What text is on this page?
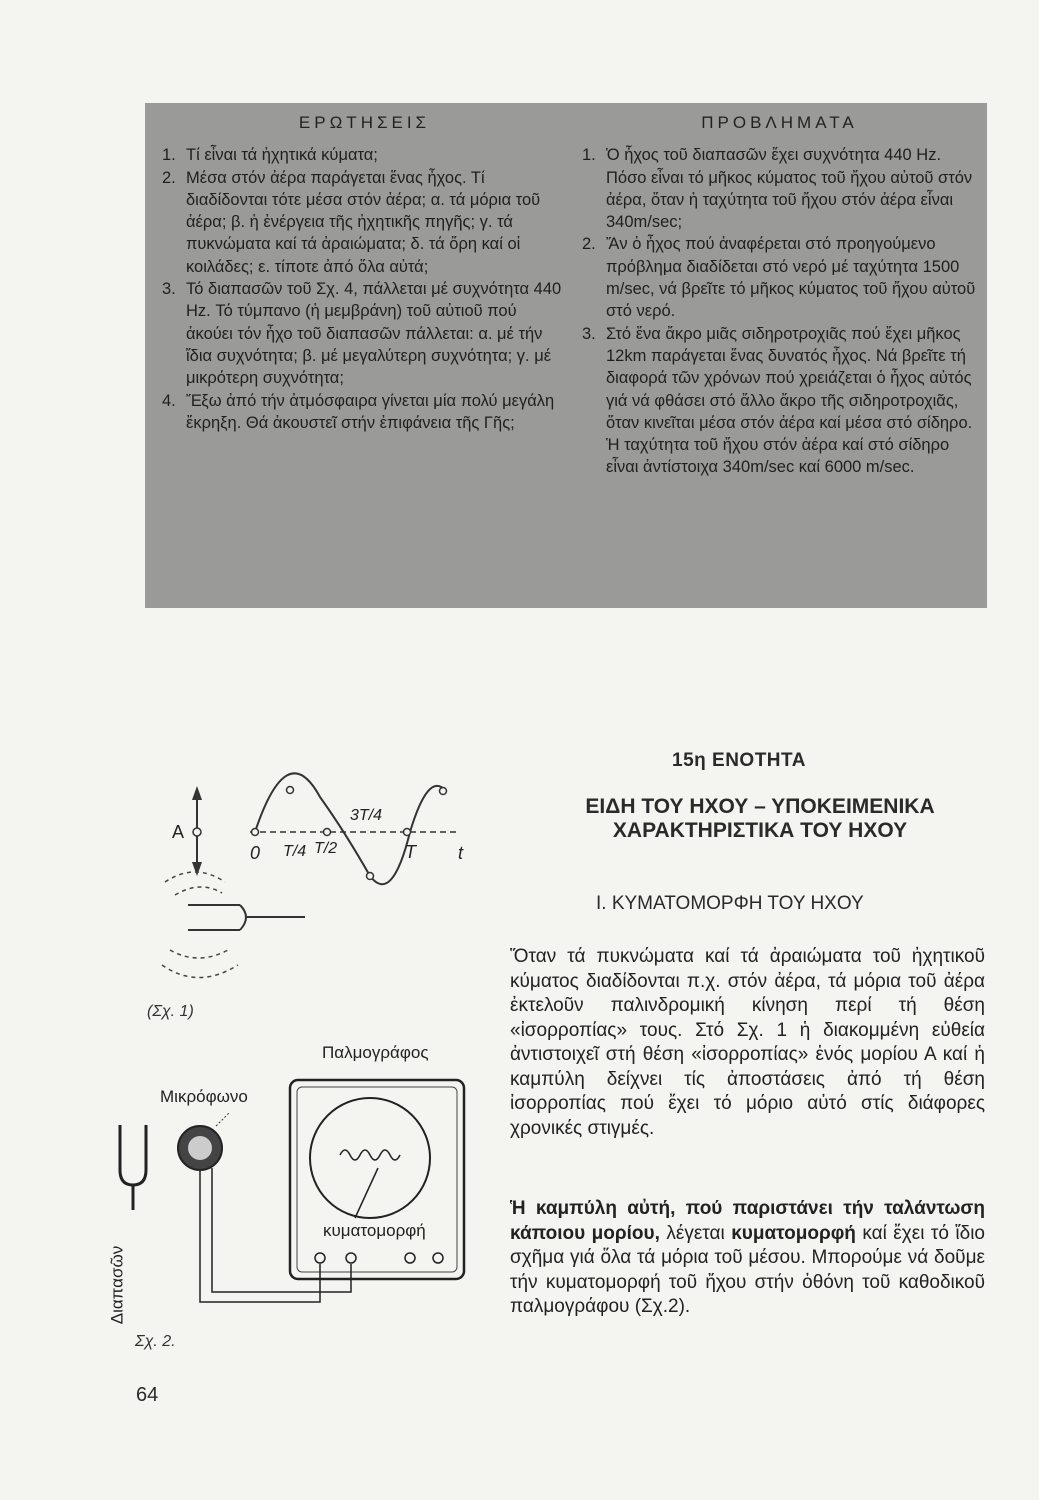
ΕΡΩΤΗΣΕΙΣ
1. Τί εἶναι τά ἠχητικά κύματα;
2. Μέσα στόν ἀέρα παράγεται ἕνας ἦχος. Τί διαδίδονται τότε μέσα στόν ἀέρα; α. τά μόρια τοῦ ἀέρα; β. ἡ ἐνέργεια τῆς ἠχητικῆς πηγῆς; γ. τά πυκνώματα καί τά ἀραιώματα; δ. τά ὄρη καί οἱ κοιλάδες; ε. τίποτε ἀπό ὅλα αὐτά;
3. Τό διαπασῶν τοῦ Σχ. 4, πάλλεται μέ συχνότητα 440 Hz. Τό τύμπανο (ἡ μεμβράνη) τοῦ αὐτιοῦ πού ἀκούει τόν ἦχο τοῦ διαπασῶν πάλλεται: α. μέ τήν ἴδια συχνότητα; β. μέ μεγαλύτερη συχνότητα; γ. μέ μικρότερη συχνότητα;
4. Ἔξω ἀπό τήν ἀτμόσφαιρα γίνεται μία πολύ μεγάλη ἔκρηξη. Θά ἀκουστεῖ στήν ἐπιφάνεια τῆς Γῆς;
ΠΡΟΒΛΗΜΑΤΑ
1. Ὁ ἦχος τοῦ διαπασῶν ἔχει συχνότητα 440 Hz. Πόσο εἶναι τό μῆκος κύματος τοῦ ἤχου αὐτοῦ στόν ἀέρα, ὅταν ἡ ταχύτητα τοῦ ἤχου στόν ἀέρα εἶναι 340m/sec;
2. Ἄν ὁ ἦχος πού ἀναφέρεται στό προηγούμενο πρόβλημα διαδίδεται στό νερό μέ ταχύτητα 1500 m/sec, νά βρεῖτε τό μῆκος κύματος τοῦ ἤχου αὐτοῦ στό νερό.
3. Στό ἕνα ἄκρο μιᾶς σιδηροτροχιᾶς πού ἔχει μῆκος 12km παράγεται ἕνας δυνατός ἦχος. Νά βρεῖτε τή διαφορά τῶν χρόνων πού χρειάζεται ὁ ἦχος αὐτός γιά νά φθάσει στό ἄλλο ἄκρο τῆς σιδηροτροχιᾶς, ὅταν κινεῖται μέσα στόν ἀέρα καί μέσα στό σίδηρο. Ἡ ταχύτητα τοῦ ἤχου στόν ἀέρα καί στό σίδηρο εἶναι ἀντίστοιχα 340m/sec καί 6000 m/sec.
15η ΕΝΟΤΗΤΑ
ΕΙΔΗ ΤΟΥ ΗΧΟΥ – ΥΠΟΚΕΙΜΕΝΙΚΑ
ΧΑΡΑΚΤΗΡΙΣΤΙΚΑ ΤΟΥ ΗΧΟΥ
Ι. ΚΥΜΑΤΟΜΟΡΦΗ ΤΟΥ ΗΧΟΥ
Ὅταν τά πυκνώματα καί τά ἀραιώματα τοῦ ἠχητικοῦ κύματος διαδίδονται π.χ. στόν ἀέρα, τά μόρια τοῦ ἀέρα ἐκτελοῦν παλινδρομική κίνηση περί τή θέση «ἰσορροπίας» τους. Στό Σχ. 1 ἡ διακομμένη εὐθεία ἀντιστοιχεῖ στή θέση «ἰσορροπίας» ἑνός μορίου Α καί ἡ καμπύλη δείχνει τίς ἀποστάσεις ἀπό τή θέση ἰσορροπίας πού ἔχει τό μόριο αὐτό στίς διάφορες χρονικές στιγμές.
Ἡ καμπύλη αὐτή, πού παριστάνει τήν ταλάντωση κάποιου μορίου, λέγεται κυματομορφή καί ἔχει τό ἴδιο σχῆμα γιά ὅλα τά μόρια τοῦ μέσου. Μπορούμε νά δοῦμε τήν κυματομορφή τοῦ ἤχου στήν ὀθόνη τοῦ καθοδικοῦ παλμογράφου (Σχ.2).
Α
0 T/4 T/2
3T/4
T t
(Σχ. 1)
Παλμογράφος
Μικρόφωνο
κυματομορφή
Διαπασῶν
Σχ. 2.
64
